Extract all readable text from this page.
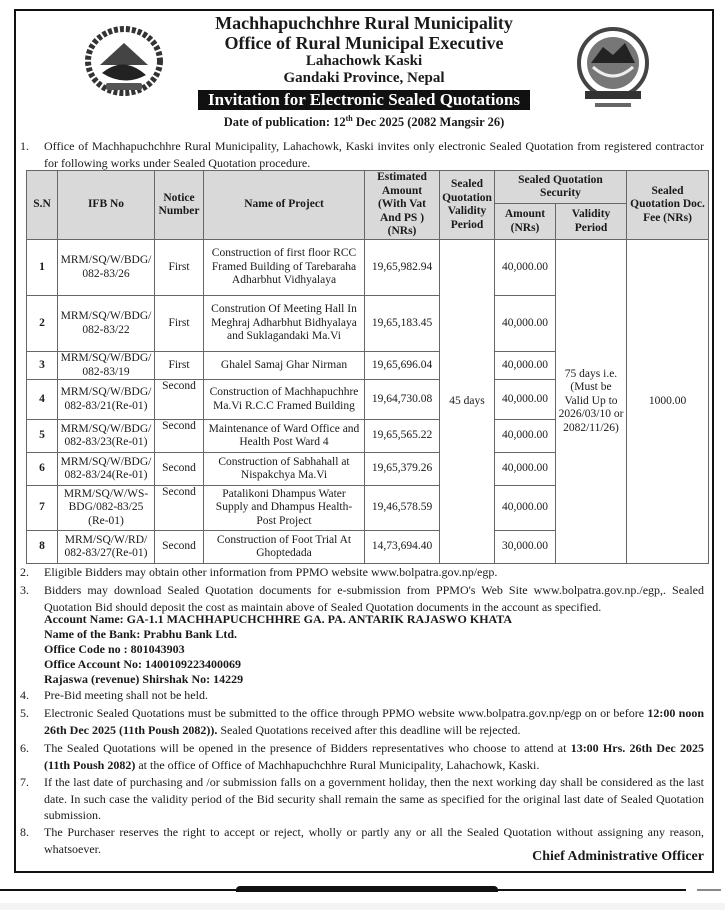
Machhapuchchhre Rural Municipality
Office of Rural Municipal Executive
Lahachowk Kaski
Gandaki Province, Nepal
Invitation for Electronic Sealed Quotations
Date of publication: 12th Dec 2025 (2082 Mangsir 26)
1.	Office of Machhapuchchhre Rural Municipality, Lahachowk, Kaski invites only electronic Sealed Quotation from registered contractor for following works under Sealed Quotation procedure.
S.N	IFB No	Notice Number	Name of Project	Estimated Amount (With Vat And PS ) (NRs)	Sealed Quotation Validity Period	Sealed Quotation Security		Sealed Quotation Doc. Fee (NRs)
						Amount (NRs)	Validity Period	
1	MRM/SQ/W/BDG/ 082-83/26	First	Construction of first floor RCC Framed Building of Tarebaraha Adharbhut Vidhyalaya	19,65,982.94	45 days	40,000.00	75 days i.e. (Must be Valid Up to 2026/03/10 or 2082/11/26)	1000.00
2	MRM/SQ/W/BDG/ 082-83/22	First	Constrution Of Meeting Hall In Meghraj Adharbhut Bidhyalaya and Suklagandaki Ma.Vi	19,65,183.45		40,000.00		
3	MRM/SQ/W/BDG/ 082-83/19	First	Ghalel Samaj Ghar Nirman	19,65,696.04		40,000.00		
4	MRM/SQ/W/BDG/ 082-83/21(Re-01)	Second	Construction of Machhapuchhre Ma.Vi R.C.C Framed Building	19,64,730.08		40,000.00		
5	MRM/SQ/W/BDG/ 082-83/23(Re-01)	Second	Maintenance of Ward Office and Health Post Ward 4	19,65,565.22		40,000.00		
6	MRM/SQ/W/BDG/ 082-83/24(Re-01)	Second	Construction of Sabhahall at Nispakchya Ma.Vi	19,65,379.26		40,000.00		
7	MRM/SQ/W/WS- BDG/082-83/25 (Re-01)	Second	Patalikoni Dhampus Water Supply and Dhampus Health-Post Project	19,46,578.59		40,000.00		
8	MRM/SQ/W/RD/ 082-83/27(Re-01)	Second	Construction of Foot Trial At Ghoptedada	14,73,694.40		30,000.00		
2.	Eligible Bidders may obtain other information from PPMO website www.bolpatra.gov.np/egp.
3.	Bidders may download Sealed Quotation documents for e-submission from PPMO's Web Site www.bolpatra.gov.np./egp,. Sealed Quotation Bid should deposit the cost as maintain above of Sealed Quotation documents in the account as specified.
Account Name: GA-1.1 MACHHAPUCHCHHRE GA. PA. ANTARIK RAJASWO KHATA
Name of the Bank: Prabhu Bank Ltd.
Office Code no : 801043903
Office Account No: 1400109223400069
Rajaswa (revenue) Shirshak No: 14229
4.	Pre-Bid meeting shall not be held.
5.	Electronic Sealed Quotations must be submitted to the office through PPMO website www.bolpatra.gov.np/egp on or before 12:00 noon 26th Dec 2025 (11th Poush 2082)). Sealed Quotations received after this deadline will be rejected.
6.	The Sealed Quotations will be opened in the presence of Bidders representatives who choose to attend at 13:00 Hrs. 26th Dec 2025 (11th Poush 2082) at the office of Office of Machhapuchchhre Rural Municipality, Lahachowk, Kaski.
7.	If the last date of purchasing and /or submission falls on a government holiday, then the next working day shall be considered as the last date. In such case the validity period of the Bid security shall remain the same as specified for the original last date of Sealed Quotation submission.
8.	The Purchaser reserves the right to accept or reject, wholly or partly any or all the Sealed Quotation without assigning any reason, whatsoever.
Chief Administrative Officer
